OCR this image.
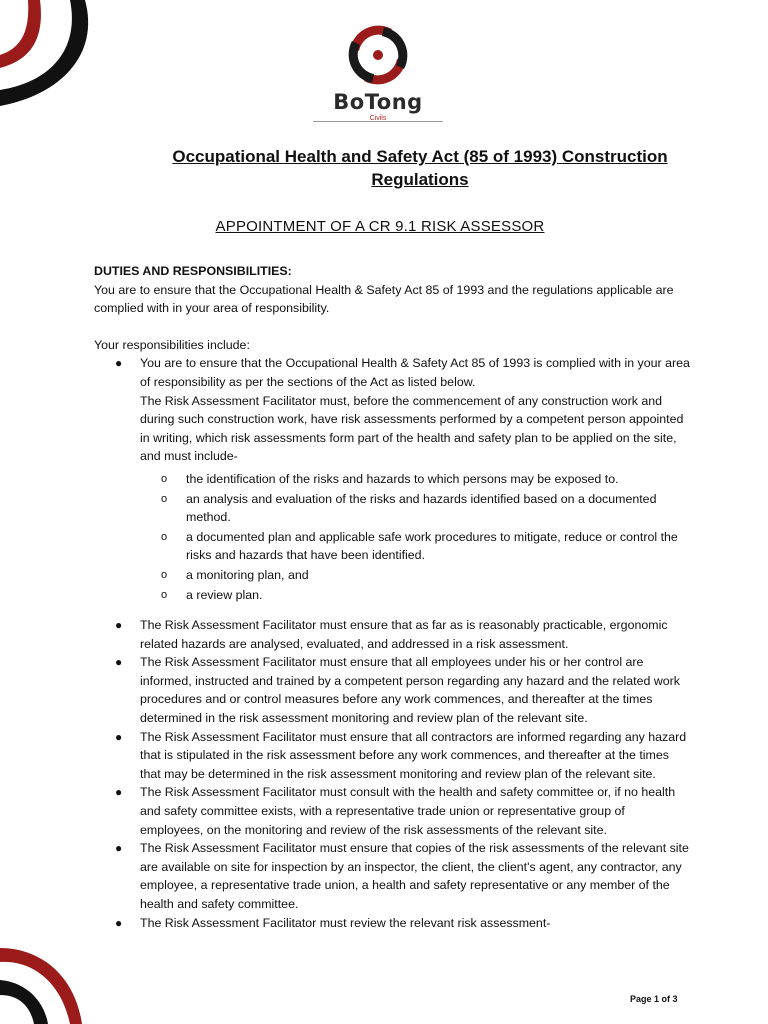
BoTong
Civils
Occupational Health and Safety Act (85 of 1993) Construction Regulations
APPOINTMENT OF A CR 9.1 RISK ASSESSOR

DUTIES AND RESPONSIBILITIES:

You are to ensure that the Occupational Health & Safety Act 85 of 1993 and the regulations applicable are complied with in your area of responsibility.

Your responsibilities include:

● You are to ensure that the Occupational Health & Safety Act 85 of 1993 is complied with in your area of responsibility as per the sections of the Act as listed below.

The Risk Assessment Facilitator must, before the commencement of any construction work and during such construction work, have risk assessments performed by a competent person appointed in writing, which risk assessments form part of the health and safety plan to be applied on the site, and must include-

o the identification of the risks and hazards to which persons may be exposed to.
o an analysis and evaluation of the risks and hazards identified based on a documented method.
o a documented plan and applicable safe work procedures to mitigate, reduce or control the risks and hazards that have been identified.
o a monitoring plan, and
o a review plan.
● The Risk Assessment Facilitator must ensure that as far as is reasonably practicable, ergonomic related hazards are analysed, evaluated, and addressed in a risk assessment.
● The Risk Assessment Facilitator must ensure that all employees under his or her control are informed, instructed and trained by a competent person regarding any hazard and the related work procedures and or control measures before any work commences, and thereafter at the times determined in the risk assessment monitoring and review plan of the relevant site.
● The Risk Assessment Facilitator must ensure that all contractors are informed regarding any hazard that is stipulated in the risk assessment before any work commences, and thereafter at the times that may be determined in the risk assessment monitoring and review plan of the relevant site.
● The Risk Assessment Facilitator must consult with the health and safety committee or, if no health and safety committee exists, with a representative trade union or representative group of employees, on the monitoring and review of the risk assessments of the relevant site.
● The Risk Assessment Facilitator must ensure that copies of the risk assessments of the relevant site are available on site for inspection by an inspector, the client, the client's agent, any contractor, any employee, a representative trade union, a health and safety representative or any member of the health and safety committee.
● The Risk Assessment Facilitator must review the relevant risk assessment-
Page 1 of 3
